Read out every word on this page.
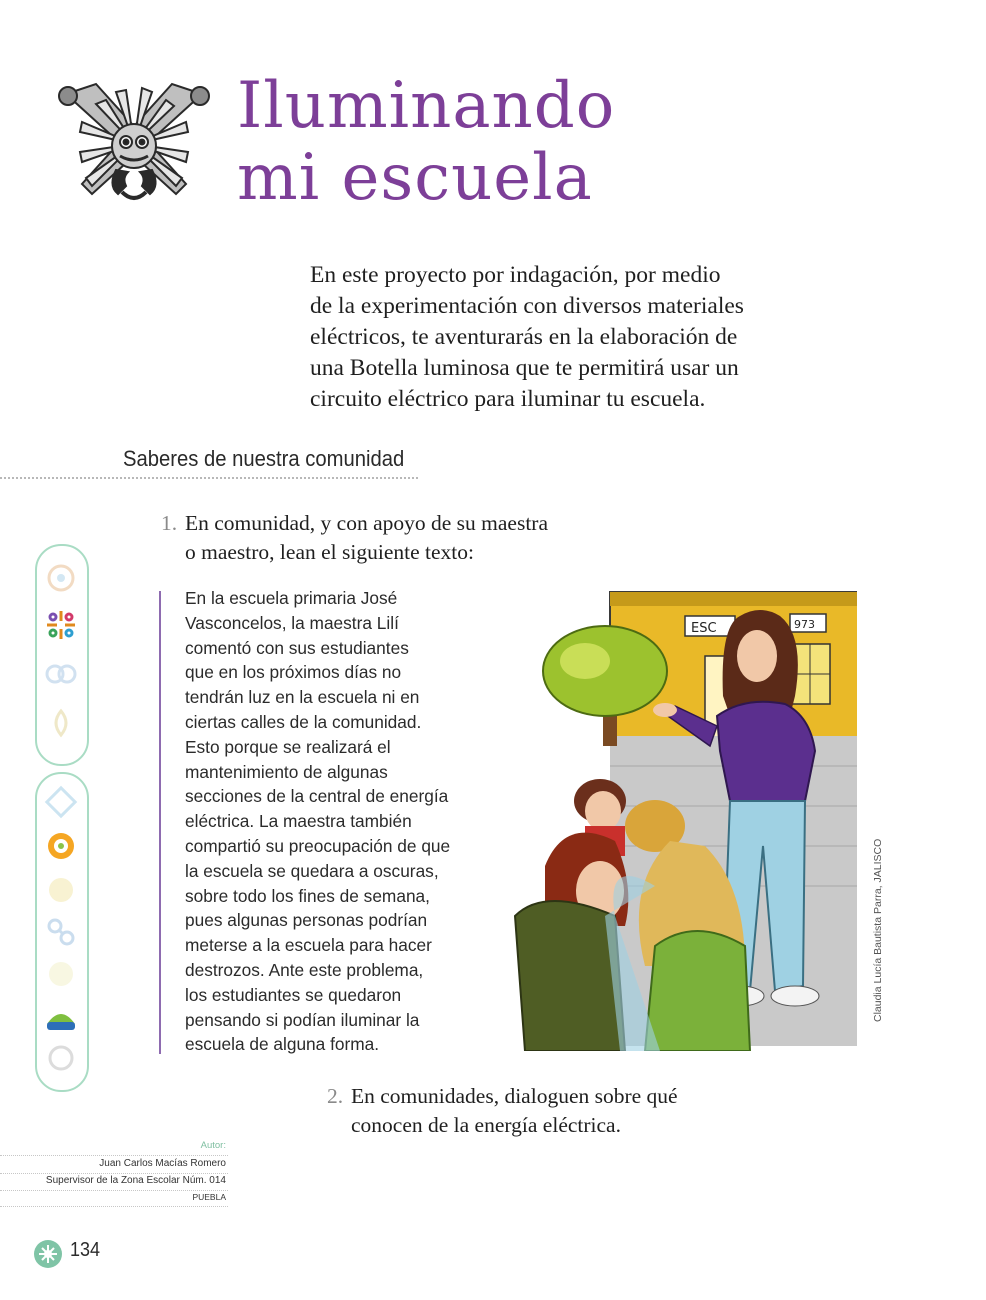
Iluminando
mi escuela
En este proyecto por indagación, por medio
de la experimentación con diversos materiales
eléctricos, te aventurarás en la elaboración de
una Botella luminosa que te permitirá usar un
circuito eléctrico para iluminar tu escuela.
Saberes de nuestra comunidad
1. En comunidad, y con apoyo de su maestra
o maestro, lean el siguiente texto:
En la escuela primaria José
Vasconcelos, la maestra Lilí
comentó con sus estudiantes
que en los próximos días no
tendrán luz en la escuela ni en
ciertas calles de la comunidad.
Esto porque se realizará el
mantenimiento de algunas
secciones de la central de energía
eléctrica. La maestra también
compartió su preocupación de que
la escuela se quedara a oscuras,
sobre todo los fines de semana,
pues algunas personas podrían
meterse a la escuela para hacer
destrozos. Ante este problema,
los estudiantes se quedaron
pensando si podían iluminar la
escuela de alguna forma.
ESC	973
Claudia Lucía Bautista Parra, JALISCO
2. En comunidades, dialoguen sobre qué
conocen de la energía eléctrica.
Autor:
Juan Carlos Macías Romero
Supervisor de la Zona Escolar Núm. 014
PUEBLA
134
